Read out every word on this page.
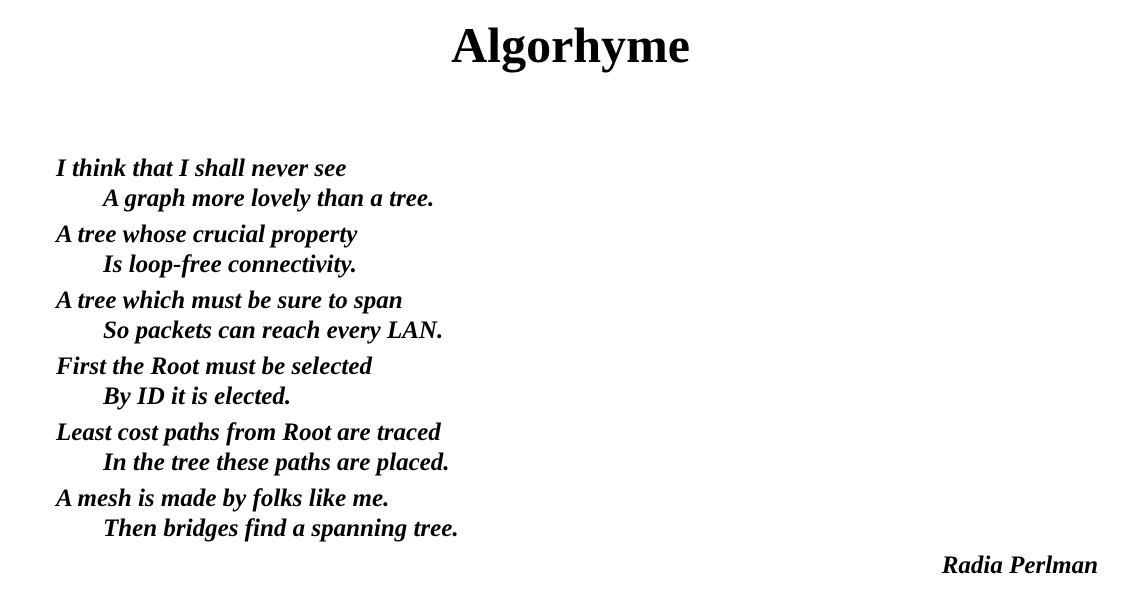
Algorhyme
I think that I shall never see
A graph more lovely than a tree.
A tree whose crucial property
Is loop-free connectivity.
A tree which must be sure to span
So packets can reach every LAN.
First the Root must be selected
By ID it is elected.
Least cost paths from Root are traced
In the tree these paths are placed.
A mesh is made by folks like me.
Then bridges find a spanning tree.
Radia Perlman
